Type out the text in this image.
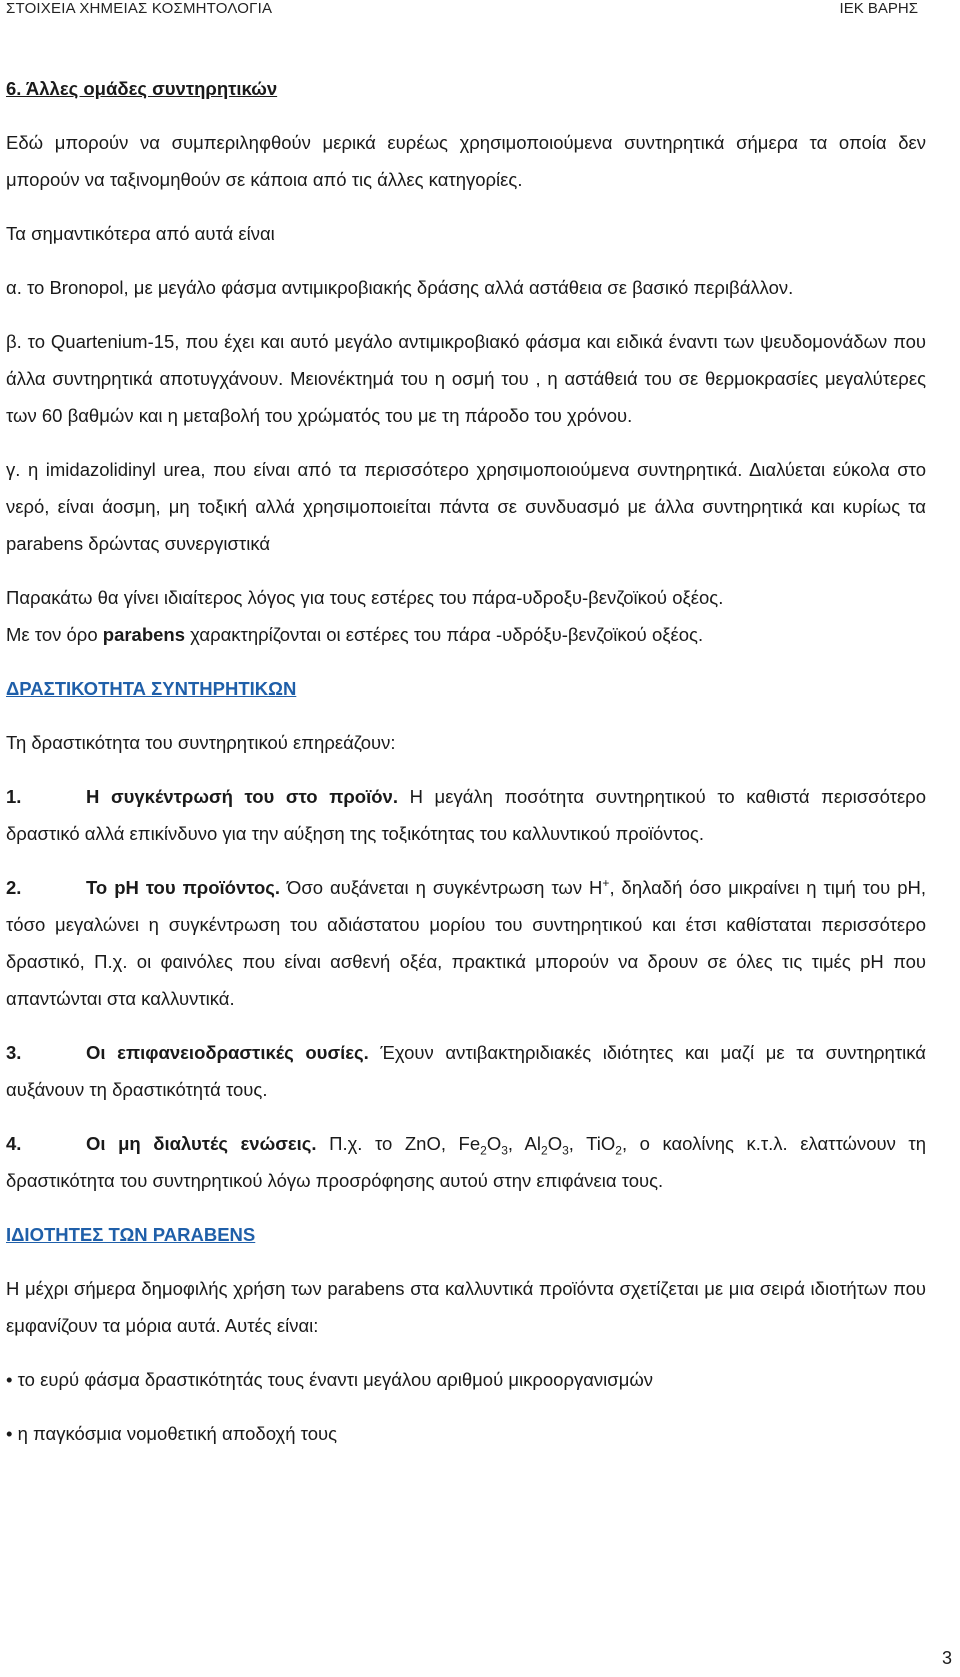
ΣΤΟΙΧΕΙΑ ΧΗΜΕΙΑΣ ΚΟΣΜΗΤΟΛΟΓΙΑ	ΙΕΚ ΒΑΡΗΣ

6. Άλλες ομάδες συντηρητικών

Εδώ μπορούν να συμπεριληφθούν μερικά ευρέως χρησιμοποιούμενα συντηρητικά σήμερα τα οποία δεν μπορούν να ταξινομηθούν σε κάποια από τις άλλες κατηγορίες.

Τα σημαντικότερα από αυτά είναι

α. το Bronopol, με μεγάλο φάσμα αντιμικροβιακής δράσης αλλά αστάθεια σε βασικό περιβάλλον.

β. το Quartenium-15, που έχει και αυτό μεγάλο αντιμικροβιακό φάσμα και ειδικά έναντι των ψευδομονάδων που άλλα συντηρητικά αποτυγχάνουν. Μειονέκτημά του η οσμή του , η αστάθειά του σε θερμοκρασίες μεγαλύτερες των 60 βαθμών και η μεταβολή του χρώματός του με τη πάροδο του χρόνου.

γ. η imidazolidinyl urea, που είναι από τα περισσότερο χρησιμοποιούμενα συντηρητικά. Διαλύεται εύκολα στο νερό, είναι άοσμη, μη τοξική αλλά χρησιμοποιείται πάντα σε συνδυασμό με άλλα συντηρητικά και κυρίως τα parabens δρώντας συνεργιστικά

Παρακάτω θα γίνει ιδιαίτερος λόγος για τους εστέρες του πάρα-υδροξυ-βενζοϊκού οξέος.

Με τον όρο parabens χαρακτηρίζονται οι εστέρες του πάρα -υδρόξυ-βενζοϊκού οξέος.

ΔΡΑΣΤΙΚΟΤΗΤΑ ΣΥΝΤΗΡΗΤΙΚΩΝ

Τη δραστικότητα του συντηρητικού επηρεάζουν:

1.	Η συγκέντρωσή του στο προϊόν. Η μεγάλη ποσότητα συντηρητικού το καθιστά περισσότερο δραστικό αλλά επικίνδυνο για την αύξηση της τοξικότητας του καλλυντικού προϊόντος.

2.	Το pH του προϊόντος. Όσο αυξάνεται η συγκέντρωση των Η+, δηλαδή όσο μικραίνει η τιμή του pH, τόσο μεγαλώνει η συγκέντρωση του αδιάστατου μορίου του συντηρητικού και έτσι καθίσταται περισσότερο δραστικό, Π.χ. οι φαινόλες που είναι ασθενή οξέα, πρακτικά μπορούν να δρουν σε όλες τις τιμές pH που απαντώνται στα καλλυντικά.

3.	Οι επιφανειοδραστικές ουσίες. Έχουν αντιβακτηριδιακές ιδιότητες και μαζί με τα συντηρητικά αυξάνουν τη δραστικότητά τους.

4.	Οι μη διαλυτές ενώσεις. Π.χ. το ZnO, $Fe_2O_3$, $Al_2O_3$, TiO$_2$, ο καολίνης κ.τ.λ. ελαττώνουν τη δραστικότητα του συντηρητικού λόγω προσρόφησης αυτού στην επιφάνεια τους.

ΙΔΙΟΤΗΤΕΣ ΤΩΝ PARABENS

Η μέχρι σήμερα δημοφιλής χρήση των parabens στα καλλυντικά προϊόντα σχετίζεται με μια σειρά ιδιοτήτων που εμφανίζουν τα μόρια αυτά. Αυτές είναι:

• το ευρύ φάσμα δραστικότητάς τους έναντι μεγάλου αριθμού μικροοργανισμών

• η παγκόσμια νομοθετική αποδοχή τους

3
